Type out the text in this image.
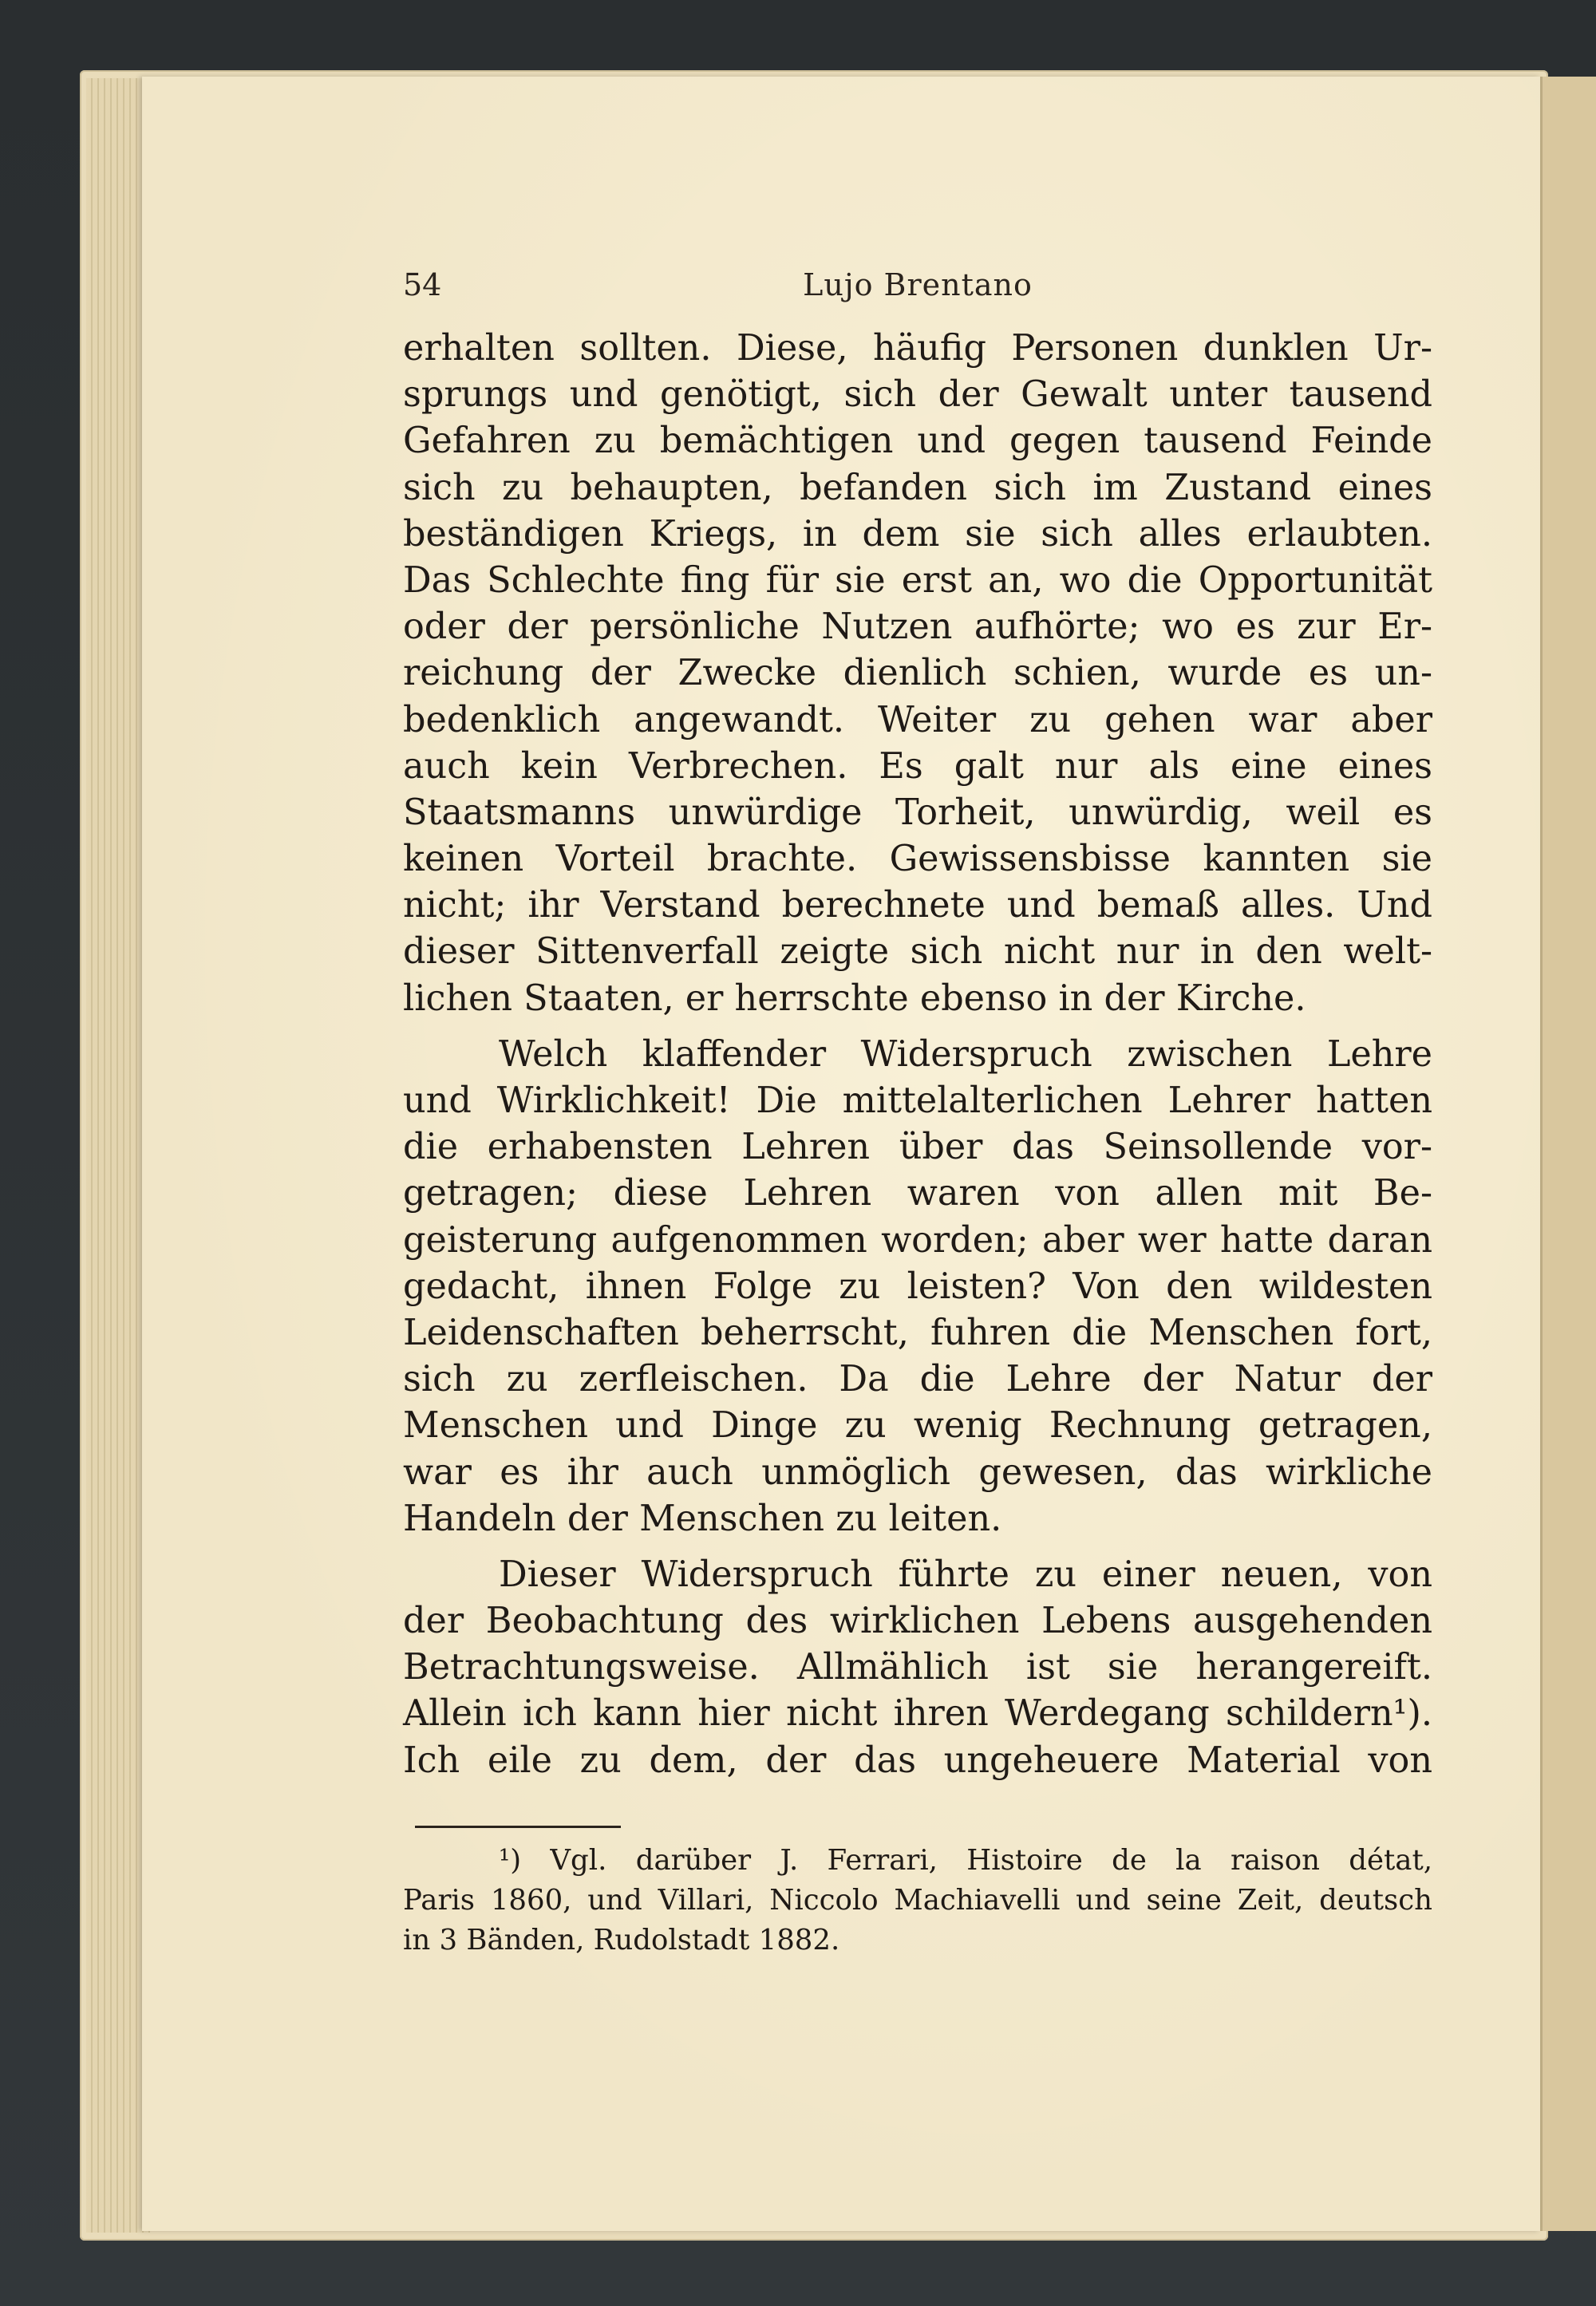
54	Lujo Brentano
erhalten sollten. Diese, häufig Personen dunklen Ur-
sprungs und genötigt, sich der Gewalt unter tausend
Gefahren zu bemächtigen und gegen tausend Feinde
sich zu behaupten, befanden sich im Zustand eines
beständigen Kriegs, in dem sie sich alles erlaubten.
Das Schlechte fing für sie erst an, wo die Opportunität
oder der persönliche Nutzen aufhörte; wo es zur Er-
reichung der Zwecke dienlich schien, wurde es un-
bedenklich angewandt. Weiter zu gehen war aber
auch kein Verbrechen. Es galt nur als eine eines
Staatsmanns unwürdige Torheit, unwürdig, weil es
keinen Vorteil brachte. Gewissensbisse kannten sie
nicht; ihr Verstand berechnete und bemaß alles. Und
dieser Sittenverfall zeigte sich nicht nur in den welt-
lichen Staaten, er herrschte ebenso in der Kirche.
Welch klaffender Widerspruch zwischen Lehre
und Wirklichkeit! Die mittelalterlichen Lehrer hatten
die erhabensten Lehren über das Seinsollende vor-
getragen; diese Lehren waren von allen mit Be-
geisterung aufgenommen worden; aber wer hatte daran
gedacht, ihnen Folge zu leisten? Von den wildesten
Leidenschaften beherrscht, fuhren die Menschen fort,
sich zu zerfleischen. Da die Lehre der Natur der
Menschen und Dinge zu wenig Rechnung getragen,
war es ihr auch unmöglich gewesen, das wirkliche
Handeln der Menschen zu leiten.
Dieser Widerspruch führte zu einer neuen, von
der Beobachtung des wirklichen Lebens ausgehenden
Betrachtungsweise. Allmählich ist sie herangereift.
Allein ich kann hier nicht ihren Werdegang schildern¹).
Ich eile zu dem, der das ungeheuere Material von
¹) Vgl. darüber J. Ferrari, Histoire de la raison détat,
Paris 1860, und Villari, Niccolo Machiavelli und seine Zeit, deutsch
in 3 Bänden, Rudolstadt 1882.
